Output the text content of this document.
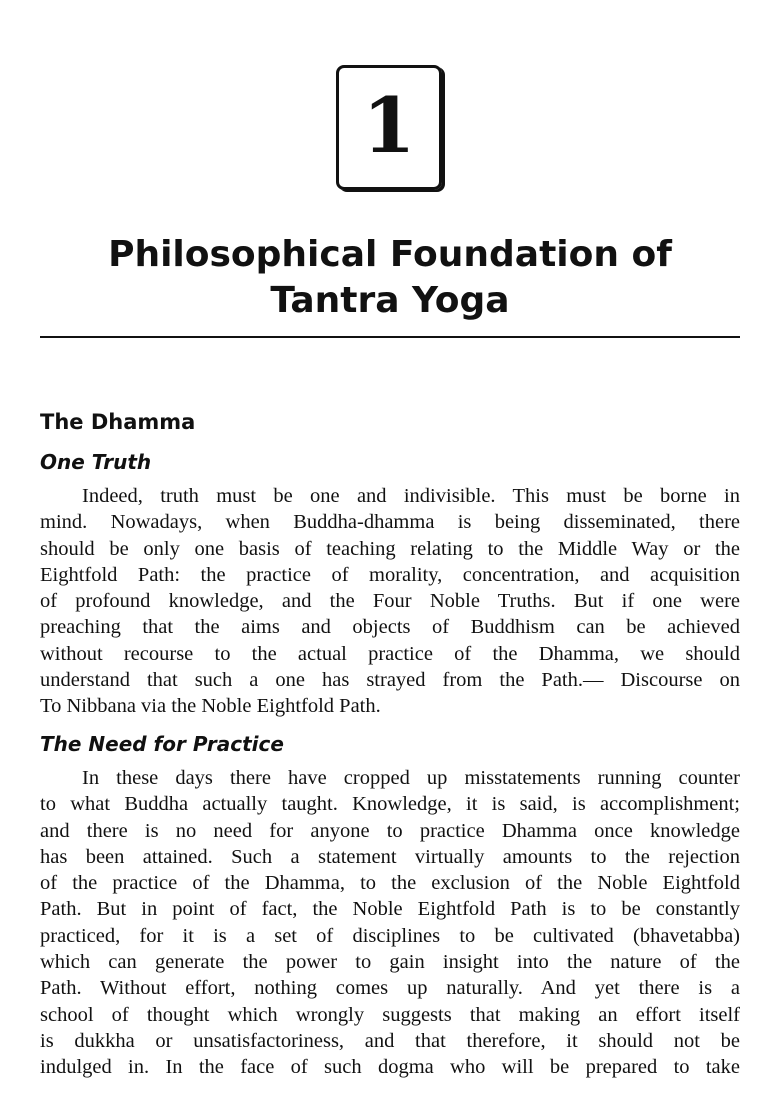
1
Philosophical Foundation of
Tantra Yoga
The Dhamma
One Truth
Indeed, truth must be one and indivisible. This must be borne in
mind. Nowadays, when Buddha-dhamma is being disseminated, there
should be only one basis of teaching relating to the Middle Way or the
Eightfold Path: the practice of morality, concentration, and acquisition
of profound knowledge, and the Four Noble Truths. But if one were
preaching that the aims and objects of Buddhism can be achieved
without recourse to the actual practice of the Dhamma, we should
understand that such a one has strayed from the Path.— Discourse on
To Nibbana via the Noble Eightfold Path.
The Need for Practice
In these days there have cropped up misstatements running counter
to what Buddha actually taught. Knowledge, it is said, is accomplishment;
and there is no need for anyone to practice Dhamma once knowledge
has been attained. Such a statement virtually amounts to the rejection
of the practice of the Dhamma, to the exclusion of the Noble Eightfold
Path. But in point of fact, the Noble Eightfold Path is to be constantly
practiced, for it is a set of disciplines to be cultivated (bhavetabba)
which can generate the power to gain insight into the nature of the
Path. Without effort, nothing comes up naturally. And yet there is a
school of thought which wrongly suggests that making an effort itself
is dukkha or unsatisfactoriness, and that therefore, it should not be
indulged in. In the face of such dogma who will be prepared to take
